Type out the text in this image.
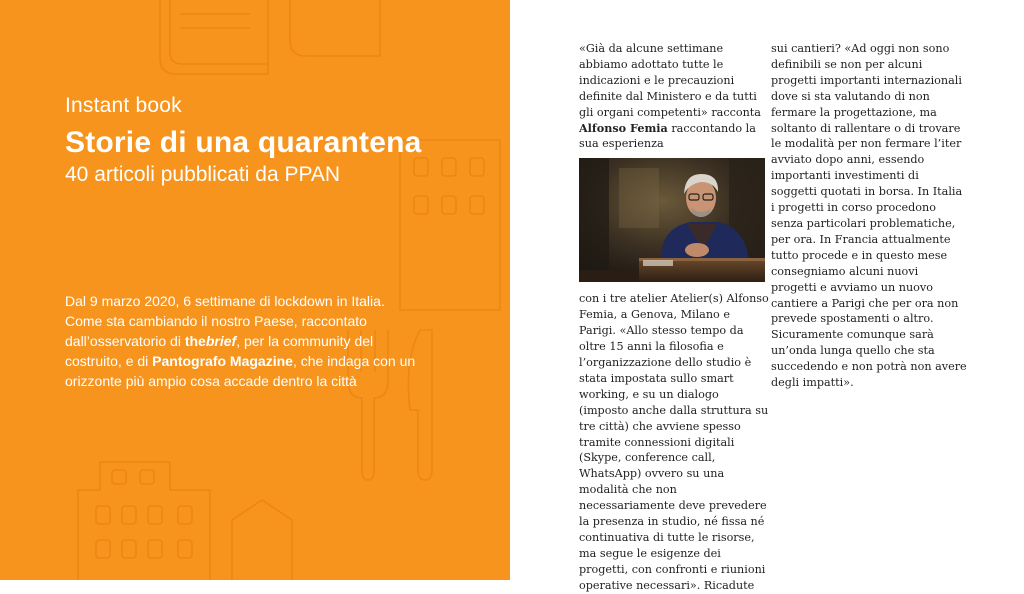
Instant book
Storie di una quarantena
40 articoli pubblicati da PPAN
Dal 9 marzo 2020, 6 settimane di lockdown in Italia. Come sta cambiando il nostro Paese, raccontato dall’osservatorio di thebrief, per la community del costruito, e di Pantografo Magazine, che indaga con un orizzonte più ampio cosa accade dentro la città

«Già da alcune settimane abbiamo adottato tutte le indicazioni e le precauzioni definite dal Ministero e da tutti gli organi competenti» racconta Alfonso Femia raccontando la sua esperienza

con i tre atelier Atelier(s) Alfonso Femia, a Genova, Milano e Parigi. «Allo stesso tempo da oltre 15 anni la filosofia e l’organizzazione dello studio è stata impostata sullo smart working, e su un dialogo (imposto anche dalla struttura su tre città) che avviene spesso tramite connessioni digitali (Skype, conference call, WhatsApp) ovvero su una modalità che non necessariamente deve prevedere la presenza in studio, né fissa né continuativa di tutte le risorse, ma segue le esigenze dei progetti, con confronti e riunioni operative necessari». Ricadute

sui cantieri? «Ad oggi non sono definibili se non per alcuni progetti importanti internazionali dove si sta valutando di non fermare la progettazione, ma soltanto di rallentare o di trovare le modalità per non fermare l’iter avviato dopo anni, essendo importanti investimenti di soggetti quotati in borsa. In Italia i progetti in corso procedono senza particolari problematiche, per ora. In Francia attualmente tutto procede e in questo mese consegniamo alcuni nuovi progetti e avviamo un nuovo cantiere a Parigi che per ora non prevede spostamenti o altro. Sicuramente comunque sarà un’onda lunga quello che sta succedendo e non potrà non avere degli impatti».
